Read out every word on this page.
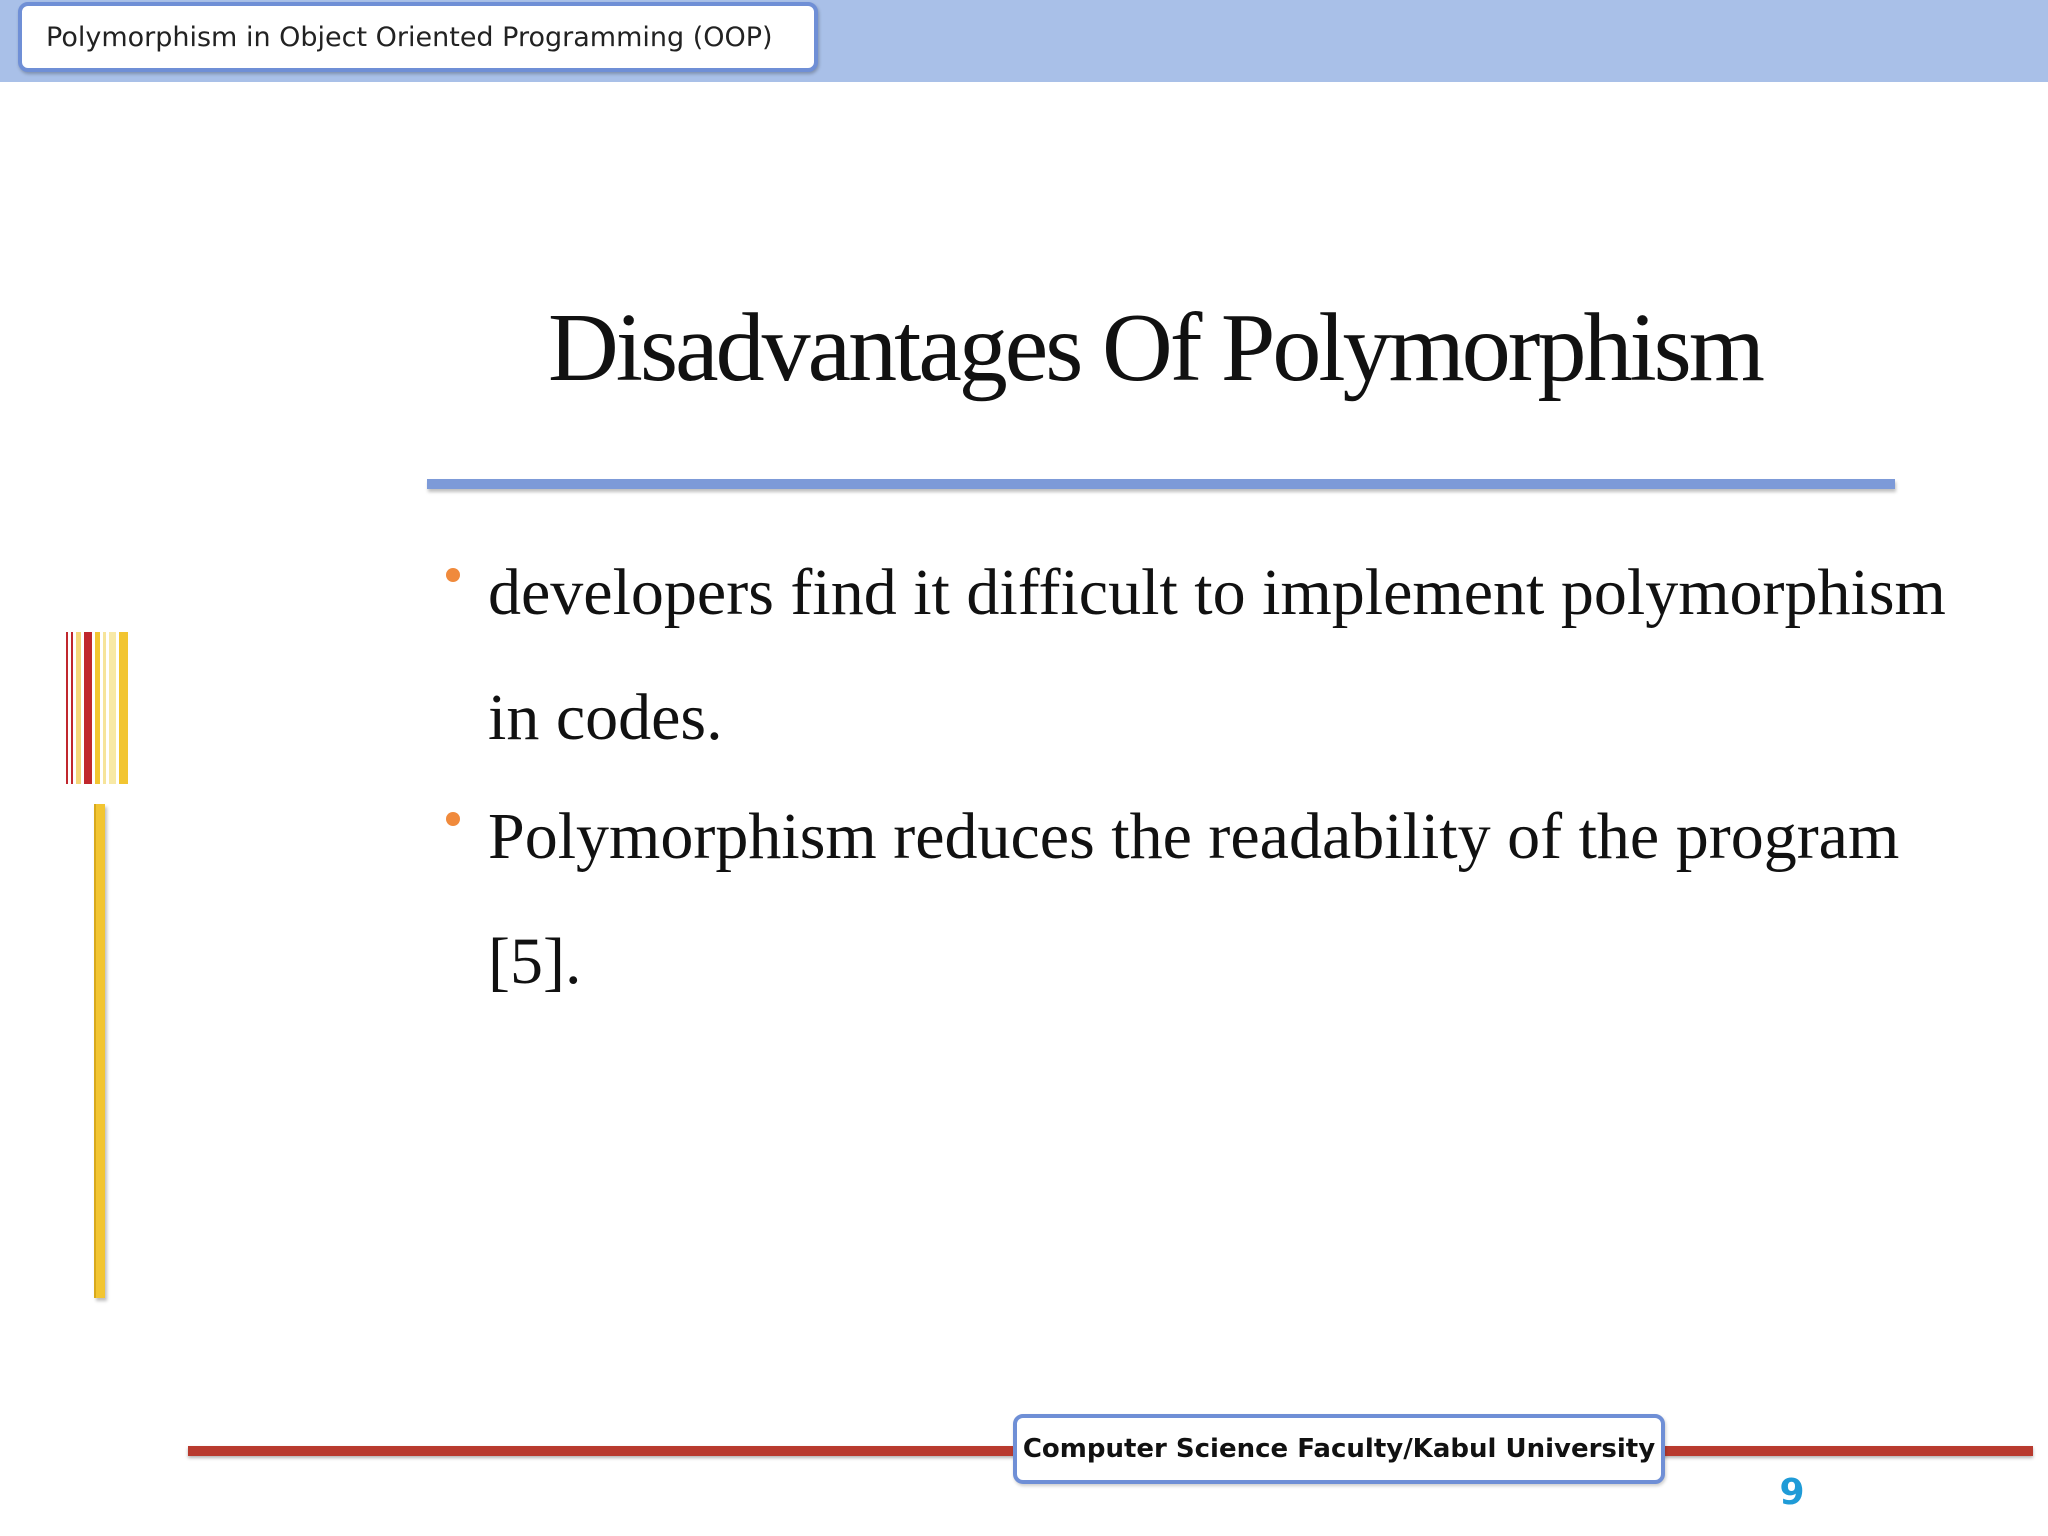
Polymorphism in Object Oriented Programming (OOP)
Disadvantages Of Polymorphism
developers find it difficult to implement polymorphism in codes.
Polymorphism reduces the readability of the program [5].
Computer Science Faculty/Kabul University
9
